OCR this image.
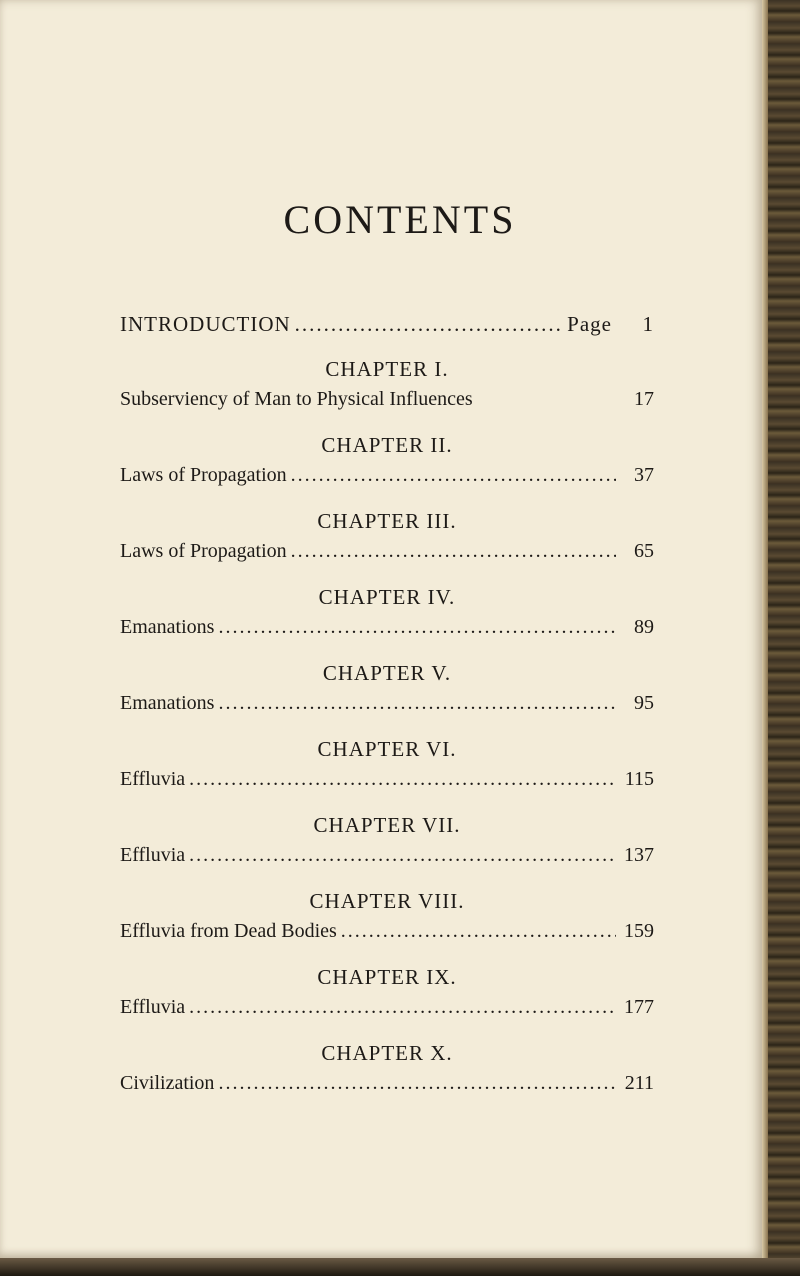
CONTENTS
INTRODUCTION .....	Page	1
CHAPTER I.
Subserviency of Man to Physical Influences	17
CHAPTER II.
Laws of Propagation .....	37
CHAPTER III.
Laws of Propagation .....	65
CHAPTER IV.
Emanations .....	89
CHAPTER V.
Emanations .....	95
CHAPTER VI.
Effluvia .....	115
CHAPTER VII.
Effluvia .....	137
CHAPTER VIII.
Effluvia from Dead Bodies .....	159
CHAPTER IX.
Effluvia .....	177
CHAPTER X.
Civilization .....	211
